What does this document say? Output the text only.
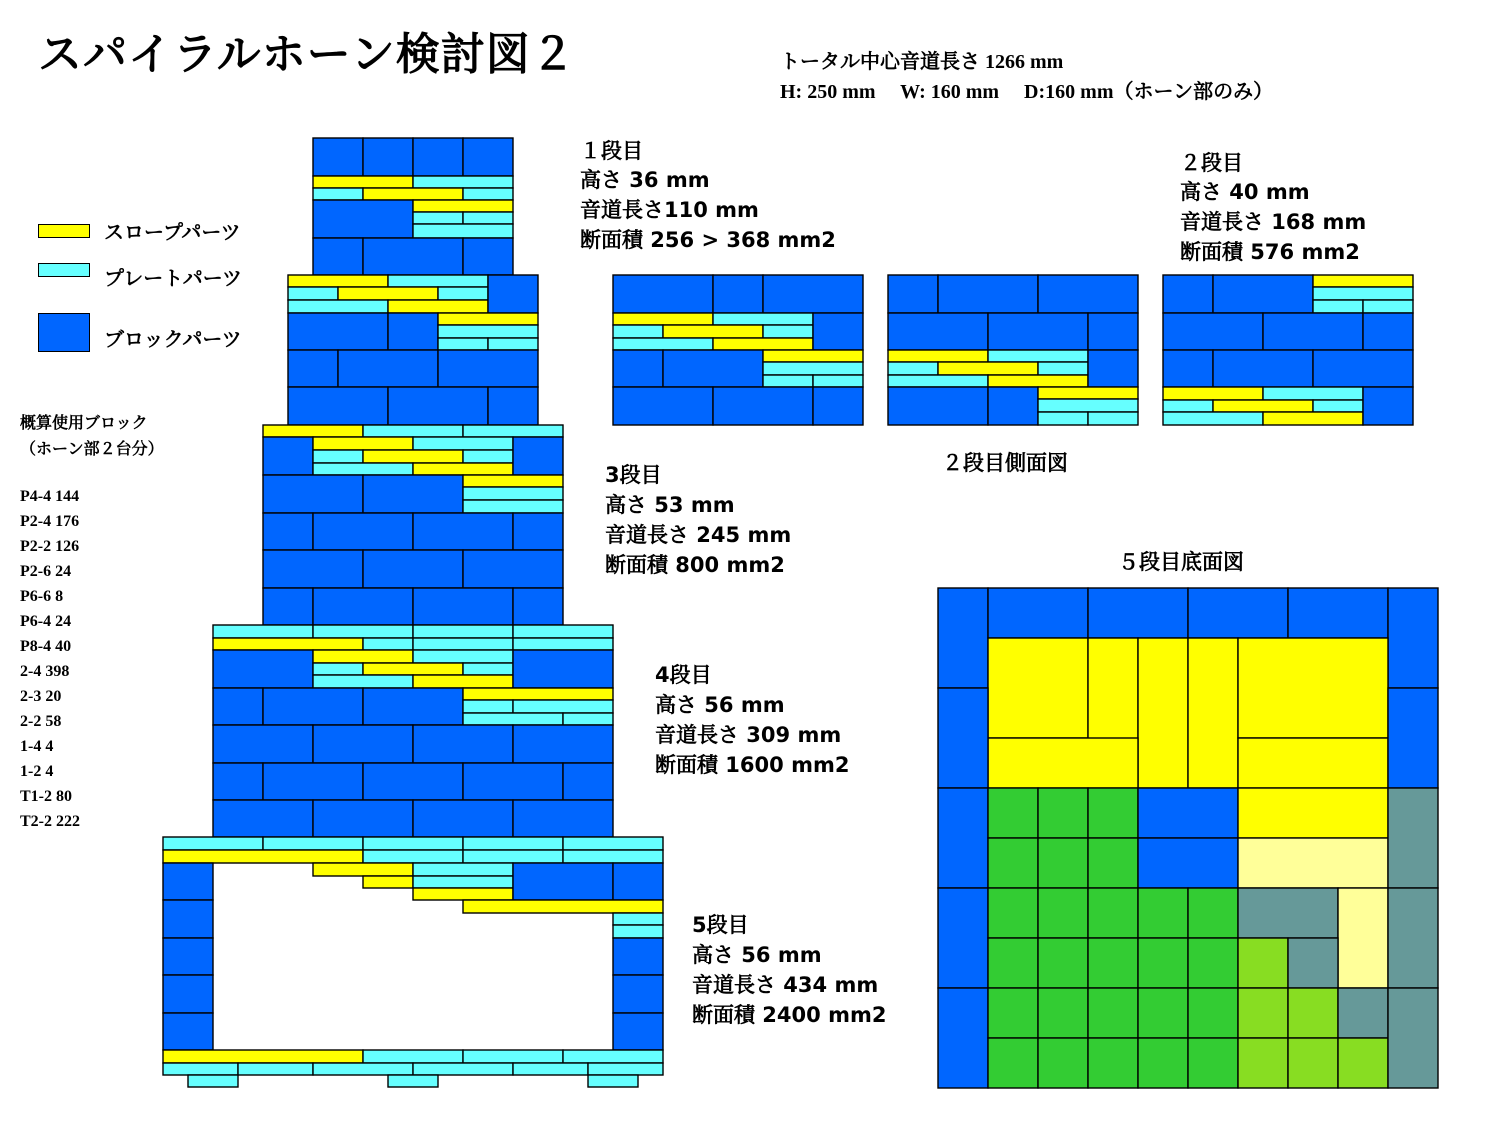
スパイラルホーン検討図２	トータル中心音道長さ 1266 mm
H: 250 mm     W: 160 mm     D:160 mm（ホーン部のみ）
スロープパーツ
プレートパーツ
ブロックパーツ
概算使用ブロック
（ホーン部２台分）
P4-4 144
P2-4 176
P2-2 126
P2-6 24
P6-6 8
P6-4 24
P8-4 40
2-4 398
2-3 20
2-2 58
1-4 4
1-2 4
T1-2 80
T2-2 222
１段目
高さ 36 mm
音道長さ110 mm
断面積 256 > 368 mm2
２段目
高さ 40 mm
音道長さ 168 mm
断面積 576 mm2
3段目
高さ 53 mm
音道長さ 245 mm
断面積 800 mm2
4段目
高さ 56 mm
音道長さ 309 mm
断面積 1600 mm2
5段目
高さ 56 mm
音道長さ 434 mm
断面積 2400 mm2
２段目側面図
５段目底面図
